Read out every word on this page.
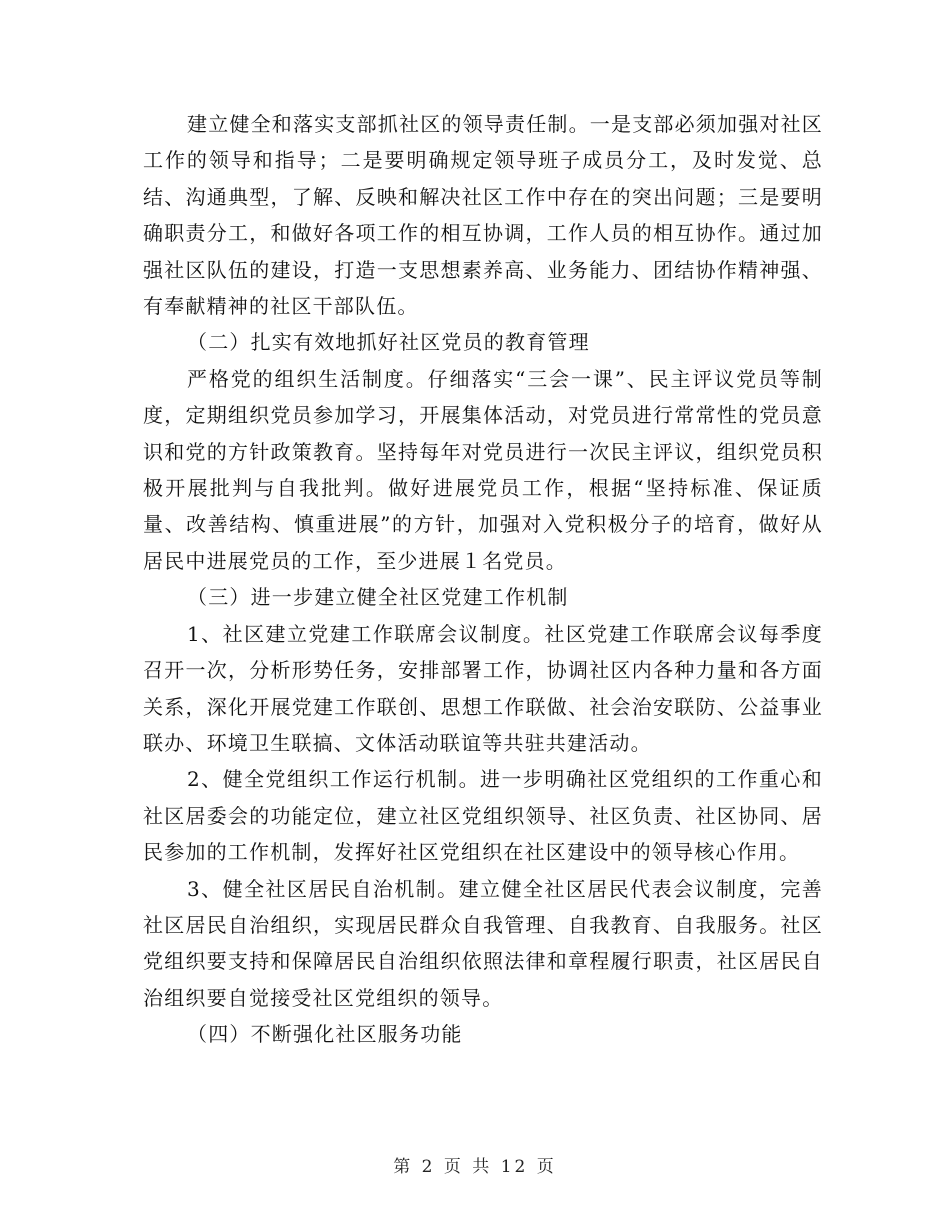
建立健全和落实支部抓社区的领导责任制。一是支部必须加强对社区工作的领导和指导；二是要明确规定领导班子成员分工，及时发觉、总结、沟通典型，了解、反映和解决社区工作中存在的突出问题；三是要明确职责分工，和做好各项工作的相互协调，工作人员的相互协作。通过加强社区队伍的建设，打造一支思想素养高、业务能力、团结协作精神强、有奉献精神的社区干部队伍。

（二）扎实有效地抓好社区党员的教育管理

严格党的组织生活制度。仔细落实“三会一课”、民主评议党员等制度，定期组织党员参加学习，开展集体活动，对党员进行常常性的党员意识和党的方针政策教育。坚持每年对党员进行一次民主评议，组织党员积极开展批判与自我批判。做好进展党员工作，根据“坚持标准、保证质量、改善结构、慎重进展”的方针，加强对入党积极分子的培育，做好从居民中进展党员的工作，至少进展１名党员。

（三）进一步建立健全社区党建工作机制

1、社区建立党建工作联席会议制度。社区党建工作联席会议每季度召开一次，分析形势任务，安排部署工作，协调社区内各种力量和各方面关系，深化开展党建工作联创、思想工作联做、社会治安联防、公益事业联办、环境卫生联搞、文体活动联谊等共驻共建活动。

2、健全党组织工作运行机制。进一步明确社区党组织的工作重心和社区居委会的功能定位，建立社区党组织领导、社区负责、社区协同、居民参加的工作机制，发挥好社区党组织在社区建设中的领导核心作用。

3、健全社区居民自治机制。建立健全社区居民代表会议制度，完善社区居民自治组织，实现居民群众自我管理、自我教育、自我服务。社区党组织要支持和保障居民自治组织依照法律和章程履行职责，社区居民自治组织要自觉接受社区党组织的领导。

（四）不断强化社区服务功能

第 2 页 共 12 页
